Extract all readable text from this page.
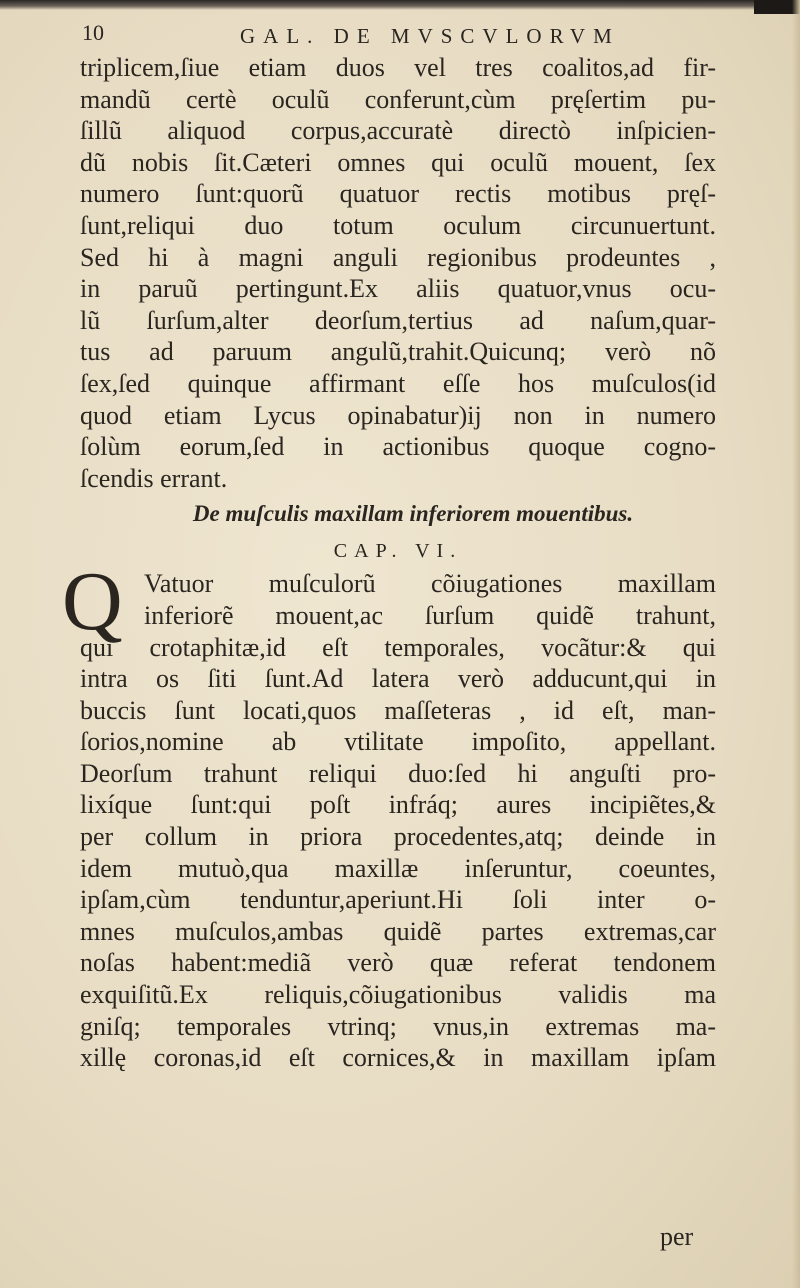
10	GAL. DE MVSCVLORVM
triplicem,ſiue etiam duos vel tres coalitos,ad fir-
mandũ certè oculũ conferunt,cùm pręſertim pu-
ſillũ aliquod corpus,accuratè directò inſpicien-
dũ nobis ſit.Cæteri omnes qui oculũ mouent, ſex
numero ſunt:quorũ quatuor rectis motibus pręſ-
ſunt,reliqui duo totum oculum circunuertunt.
Sed hi à magni anguli regionibus prodeuntes ,
in paruũ pertingunt.Ex aliis quatuor,vnus ocu-
lũ ſurſum,alter deorſum,tertius ad naſum,quar-
tus ad paruum angulũ,trahit.Quicunq; verò nõ
ſex,ſed quinque affirmant eſſe hos muſculos(id
quod etiam Lycus opinabatur)ij non in numero
ſolùm eorum,ſed in actionibus quoque cogno-
ſcendis errant.
De muſculis maxillam inferiorem mouentibus.
CAP. VI.
Q Vatuor muſculorũ cõiugationes maxillam
inferiorẽ mouent,ac ſurſum quidẽ trahunt,
qui crotaphitæ,id eſt temporales, vocãtur:& qui
intra os ſiti ſunt.Ad latera verò adducunt,qui in
buccis ſunt locati,quos maſſeteras , id eſt, man-
ſorios,nomine ab vtilitate impoſito, appellant.
Deorſum trahunt reliqui duo:ſed hi anguſti pro-
lixíque ſunt:qui poſt infráq; aures incipiẽtes,&
per collum in priora procedentes,atq; deinde in
idem mutuò,qua maxillæ inſeruntur, coeuntes,
ipſam,cùm tenduntur,aperiunt.Hi ſoli inter o-
mnes muſculos,ambas quidẽ partes extremas,car
noſas habent:mediã verò quæ referat tendonem
exquiſitũ.Ex reliquis,cõiugationibus validis ma
gniſq; temporales vtrinq; vnus,in extremas ma-
xillę coronas,id eſt cornices,& in maxillam ipſam
per
